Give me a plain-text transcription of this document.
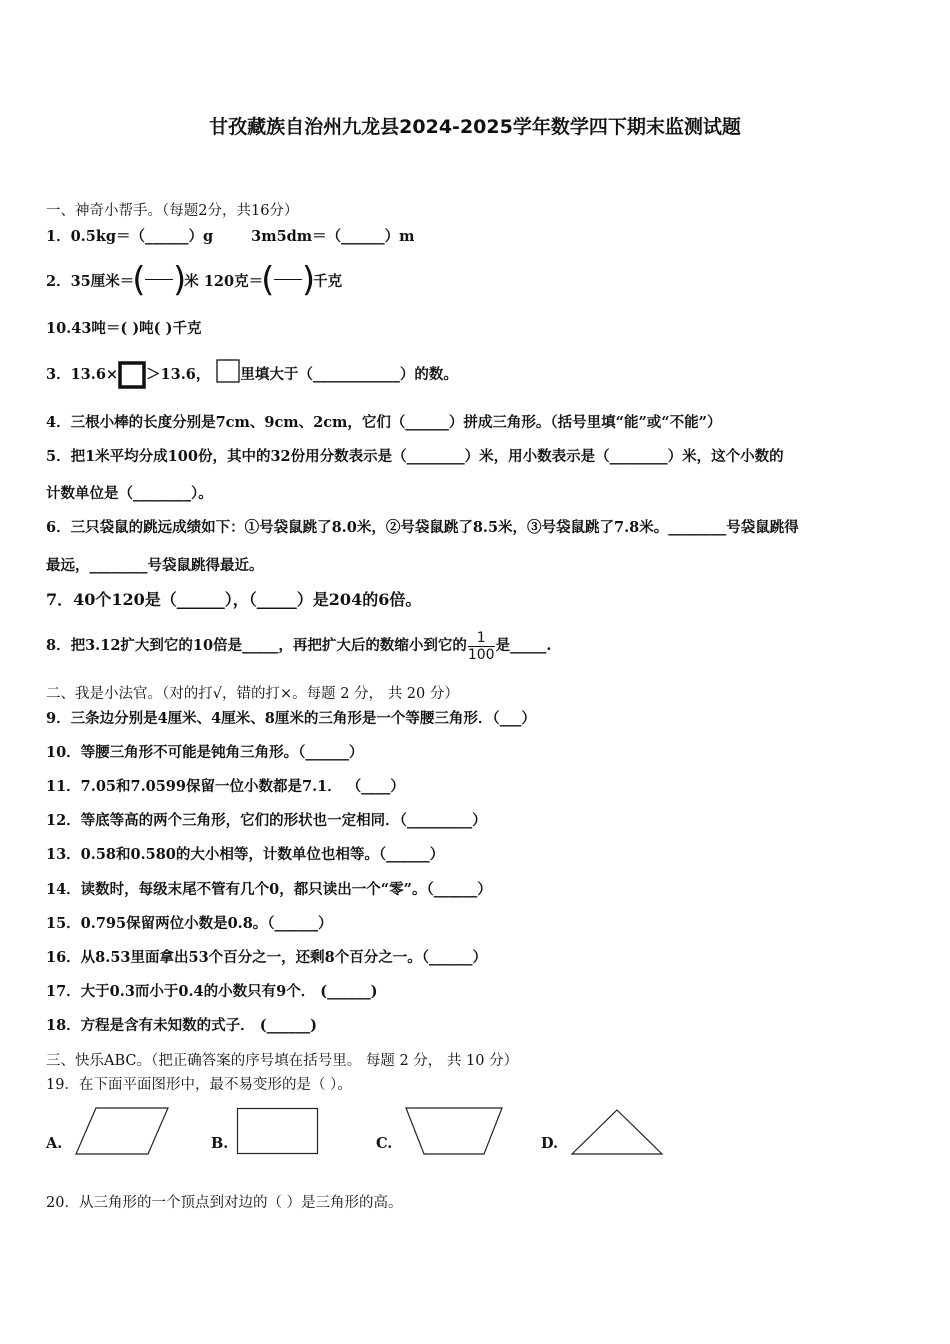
甘孜藏族自治州九龙县2024-2025学年数学四下期末监测试题
一、神奇小帮手。（每题2分，共16分）
1．0.5kg＝（______）g	3m5dm＝（______）m
2．35厘米＝
( )
米 120克＝
( )
千克
10.43吨＝( )吨( )千克
3．13.6× ＞13.6， 里填大于（____________）的数。
4．三根小棒的长度分别是7cm、9cm、2cm，它们（______）拼成三角形。（括号里填“能”或“不能”）
5．把1米平均分成100份，其中的32份用分数表示是（________）米，用小数表示是（________）米，这个小数的
计数单位是（________）。
6．三只袋鼠的跳远成绩如下：①号袋鼠跳了8.0米，②号袋鼠跳了8.5米，③号袋鼠跳了7.8米。________号袋鼠跳得
最远，________号袋鼠跳得最近。
7．40个120是（______），（_____）是204的6倍。
8．把3.12扩大到它的10倍是_____，再把扩大后的数缩小到它的 $\frac{1}{100}$ 是_____.
二、我是小法官。（对的打√，错的打×。每题 2 分， 共 20 分）
9．三条边分别是4厘米、4厘米、8厘米的三角形是一个等腰三角形．（___）
10．等腰三角形不可能是钝角三角形。（______）
11．7.05和7.0599保留一位小数都是7.1． （____）
12．等底等高的两个三角形，它们的形状也一定相同．（_________）
13．0.58和0.580的大小相等，计数单位也相等。（______）
14．读数时，每级末尾不管有几个0，都只读出一个“零”。（______）
15．0.795保留两位小数是0.8。（______）
16．从8.53里面拿出53个百分之一，还剩8个百分之一。（______）
17．大于0.3而小于0.4的小数只有9个． (______)
18．方程是含有未知数的式子． (______)
三、快乐ABC。（把正确答案的序号填在括号里。 每题 2 分， 共 10 分）
19．在下面平面图形中，最不易变形的是（ ）。
A.	B.	C.	D.
20．从三角形的一个顶点到对边的（ ）是三角形的高。
